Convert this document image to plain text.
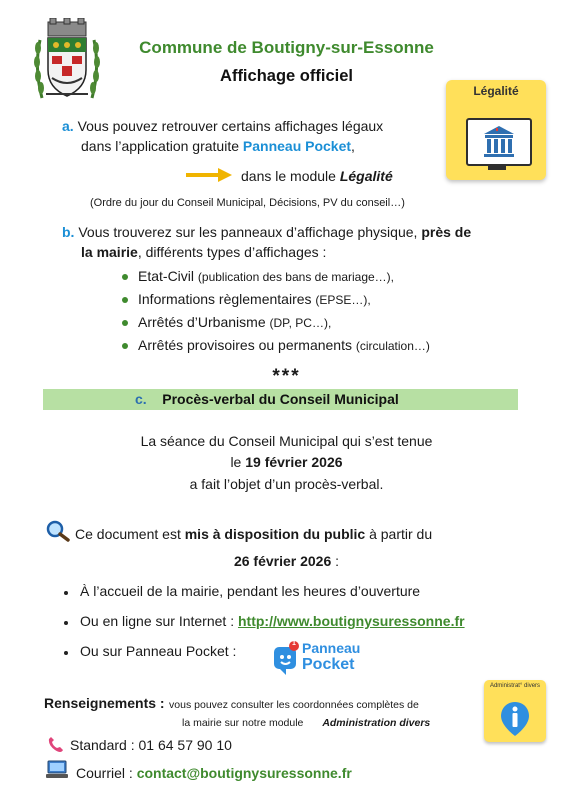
Commune de Boutigny-sur-Essonne
Affichage officiel
Légalité
a. Vous pouvez retrouver certains affichages légaux
dans l’application gratuite Panneau Pocket,
dans le module Légalité
(Ordre du jour du Conseil Municipal, Décisions, PV du conseil…)
b. Vous trouverez sur les panneaux d’affichage physique, près de
la mairie, différents types d’affichages :
Etat-Civil (publication des bans de mariage…),
Informations règlementaires (EPSE…),
Arrêtés d’Urbanisme (DP, PC…),
Arrêtés provisoires ou permanents (circulation…)
***
c. Procès-verbal du Conseil Municipal
La séance du Conseil Municipal qui s’est tenue
le 19 février 2026
a fait l’objet d’un procès-verbal.
Ce document est mis à disposition du public à partir du
26 février 2026 :
À l’accueil de la mairie, pendant les heures d’ouverture
Ou en ligne sur Internet : http://www.boutignysuressonne.fr
Ou sur Panneau Pocket :	1 Panneau
Pocket
Renseignements : vous pouvez consulter les coordonnées complètes de
la mairie sur notre module Administration divers
Administrat° divers
Standard : 01 64 57 90 10
Courriel : contact@boutignysuressonne.fr
